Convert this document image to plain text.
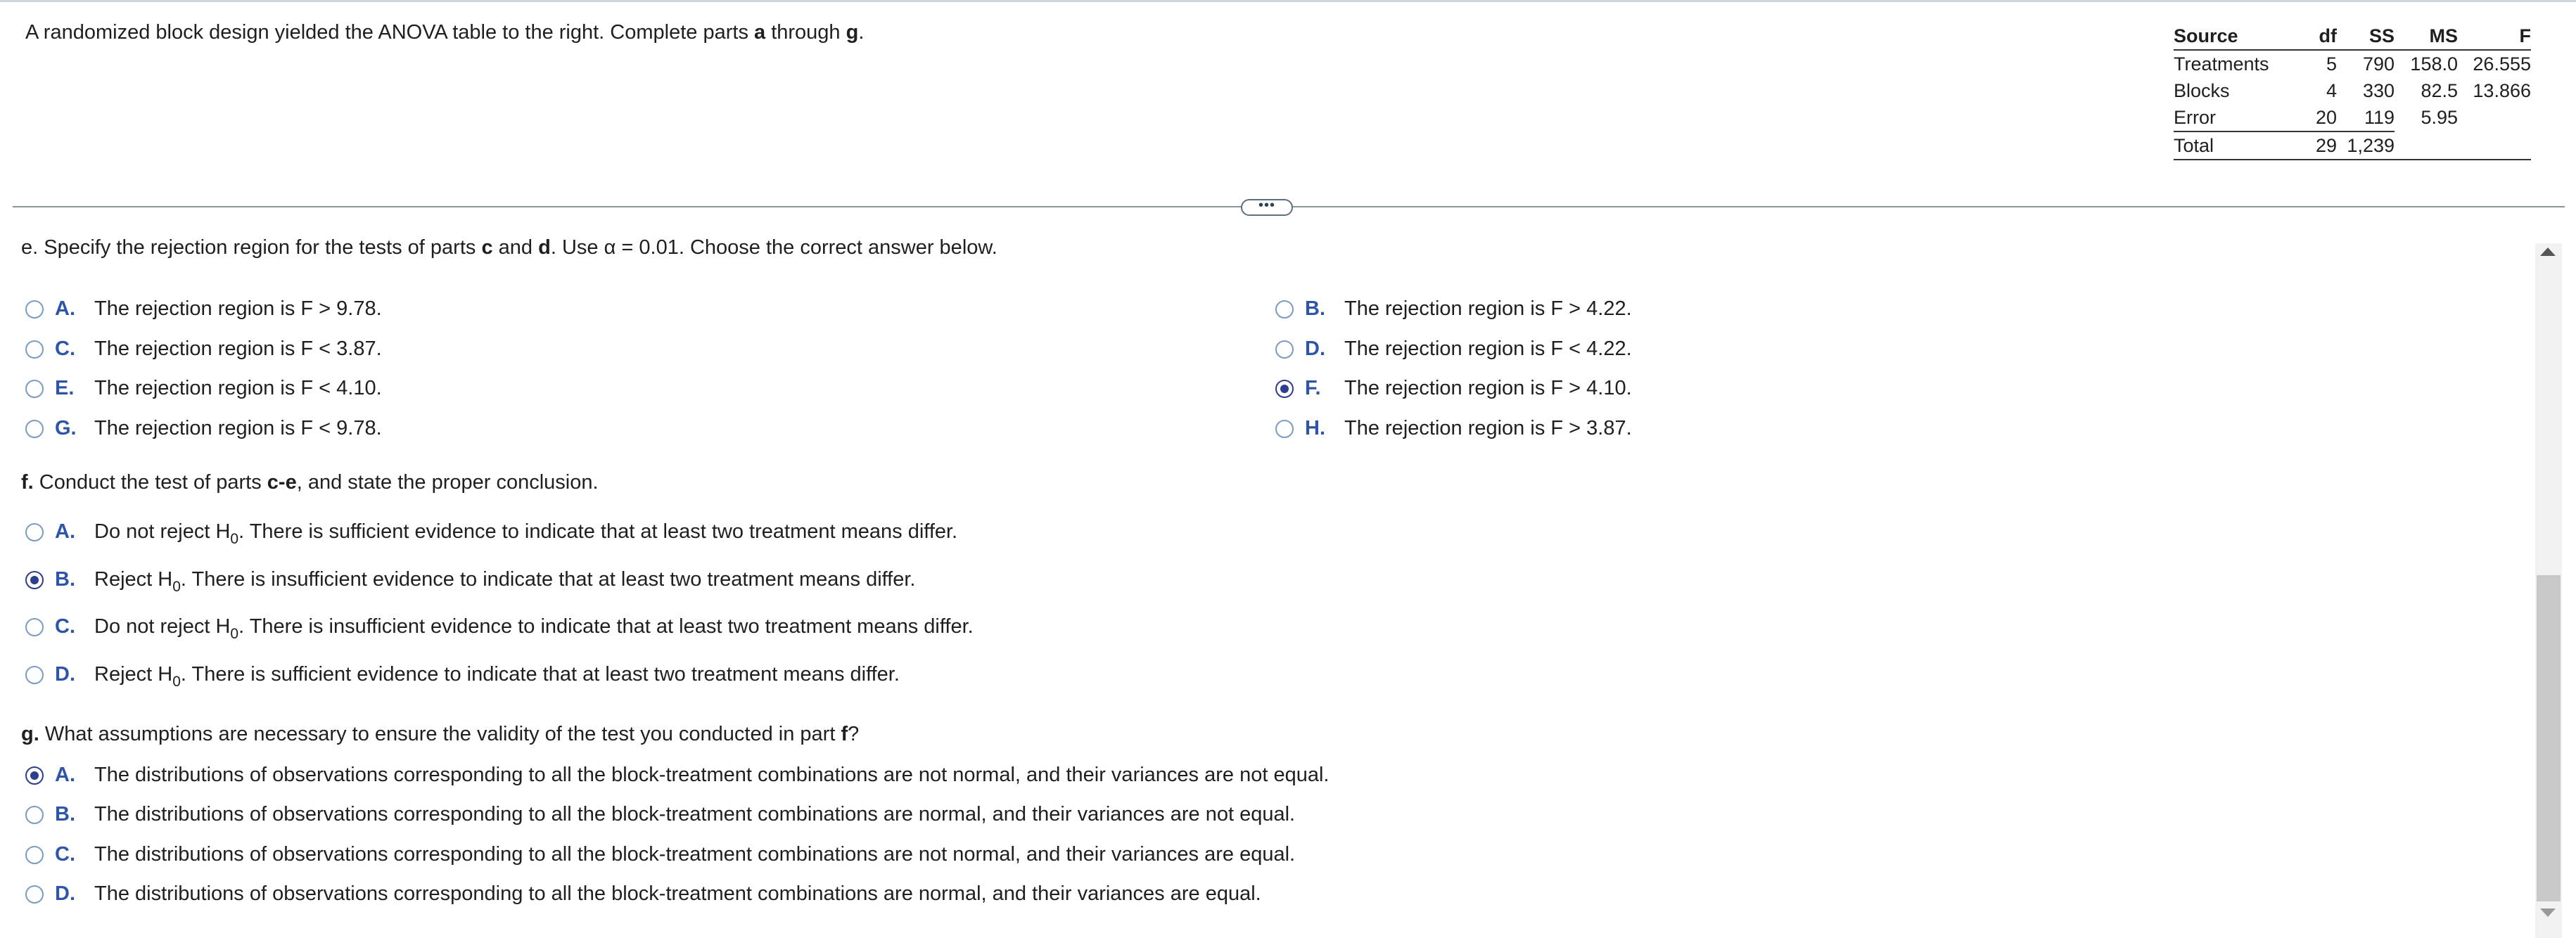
A randomized block design yielded the ANOVA table to the right. Complete parts a through g.	Source	df	SS	MS	F
Treatments	5	790	158.0	26.555
Blocks	4	330	82.5	13.866
Error	20	119	5.95	
Total	29	1,239		
•••
e. Specify the rejection region for the tests of parts c and d. Use α = 0.01. Choose the correct answer below.
A. The rejection region is F > 9.78.	B. The rejection region is F > 4.22.
C. The rejection region is F < 3.87.	D. The rejection region is F < 4.22.
E. The rejection region is F < 4.10.	F.	The rejection region is F > 4.10.
G. The rejection region is F < 9.78.	H. The rejection region is F > 3.87.
f. Conduct the test of parts c-e, and state the proper conclusion.
A. Do not reject $H_0$. There is sufficient evidence to indicate that at least two treatment means differ.
B. Reject $H_0$. There is insufficient evidence to indicate that at least two treatment means differ.
C. Do not reject $H_0$. There is insufficient evidence to indicate that at least two treatment means differ.
D. Reject $H_0$. There is sufficient evidence to indicate that at least two treatment means differ.
g. What assumptions are necessary to ensure the validity of the test you conducted in part f?
A. The distributions of observations corresponding to all the block-treatment combinations are not normal, and their variances are not equal.
B. The distributions of observations corresponding to all the block-treatment combinations are normal, and their variances are not equal.
C. The distributions of observations corresponding to all the block-treatment combinations are not normal, and their variances are equal.
D. The distributions of observations corresponding to all the block-treatment combinations are normal, and their variances are equal.
